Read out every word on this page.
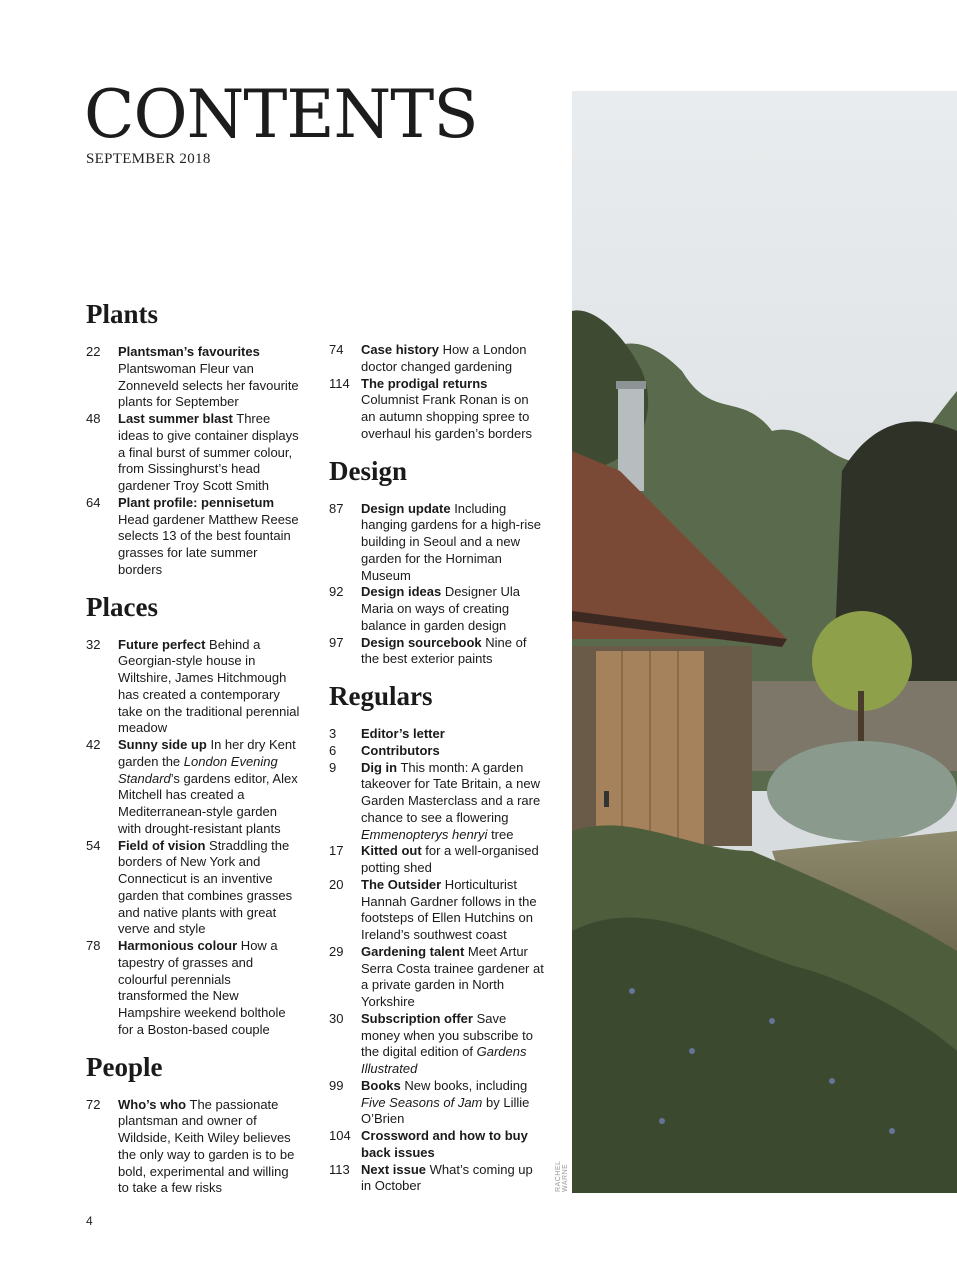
CONTENTS
SEPTEMBER 2018
Plants
22	Plantsman’s favourites Plantswoman Fleur van Zonneveld selects her favourite plants for September
48	Last summer blast Three ideas to give container displays a final burst of summer colour, from Sissinghurst’s head gardener Troy Scott Smith
64	Plant profile: pennisetum Head gardener Matthew Reese selects 13 of the best fountain grasses for late summer borders
Places
32	Future perfect Behind a Georgian-style house in Wiltshire, James Hitchmough has created a contemporary take on the traditional perennial meadow
42	Sunny side up In her dry Kent garden the London Evening Standard’s gardens editor, Alex Mitchell has created a Mediterranean-style garden with drought-resistant plants
54	Field of vision Straddling the borders of New York and Connecticut is an inventive garden that combines grasses and native plants with great verve and style
78	Harmonious colour How a tapestry of grasses and colourful perennials transformed the New Hampshire weekend bolthole for a Boston-based couple
People
72	Who’s who The passionate plantsman and owner of Wildside, Keith Wiley believes the only way to garden is to be bold, experimental and willing to take a few risks
74	Case history How a London doctor changed gardening
114 The prodigal returns Columnist Frank Ronan is on an autumn shopping spree to overhaul his garden’s borders
Design
87	Design update Including hanging gardens for a high-rise building in Seoul and a new garden for the Horniman Museum
92	Design ideas Designer Ula Maria on ways of creating balance in garden design
97	Design sourcebook Nine of the best exterior paints
Regulars
3	Editor’s letter
6	Contributors
9	Dig in This month: A garden takeover for Tate Britain, a new Garden Masterclass and a rare chance to see a flowering Emmenopterys henryi tree
17	Kitted out for a well-organised potting shed
20	The Outsider Horticulturist Hannah Gardner follows in the footsteps of Ellen Hutchins on Ireland’s southwest coast
29	Gardening talent Meet Artur Serra Costa trainee gardener at a private garden in North Yorkshire
30	Subscription offer Save money when you subscribe to the digital edition of Gardens Illustrated
99	Books New books, including Five Seasons of Jam by Lillie O’Brien
104 Crossword and how to buy back issues
113 Next issue What’s coming up in October	RACHEL WARNE
4
